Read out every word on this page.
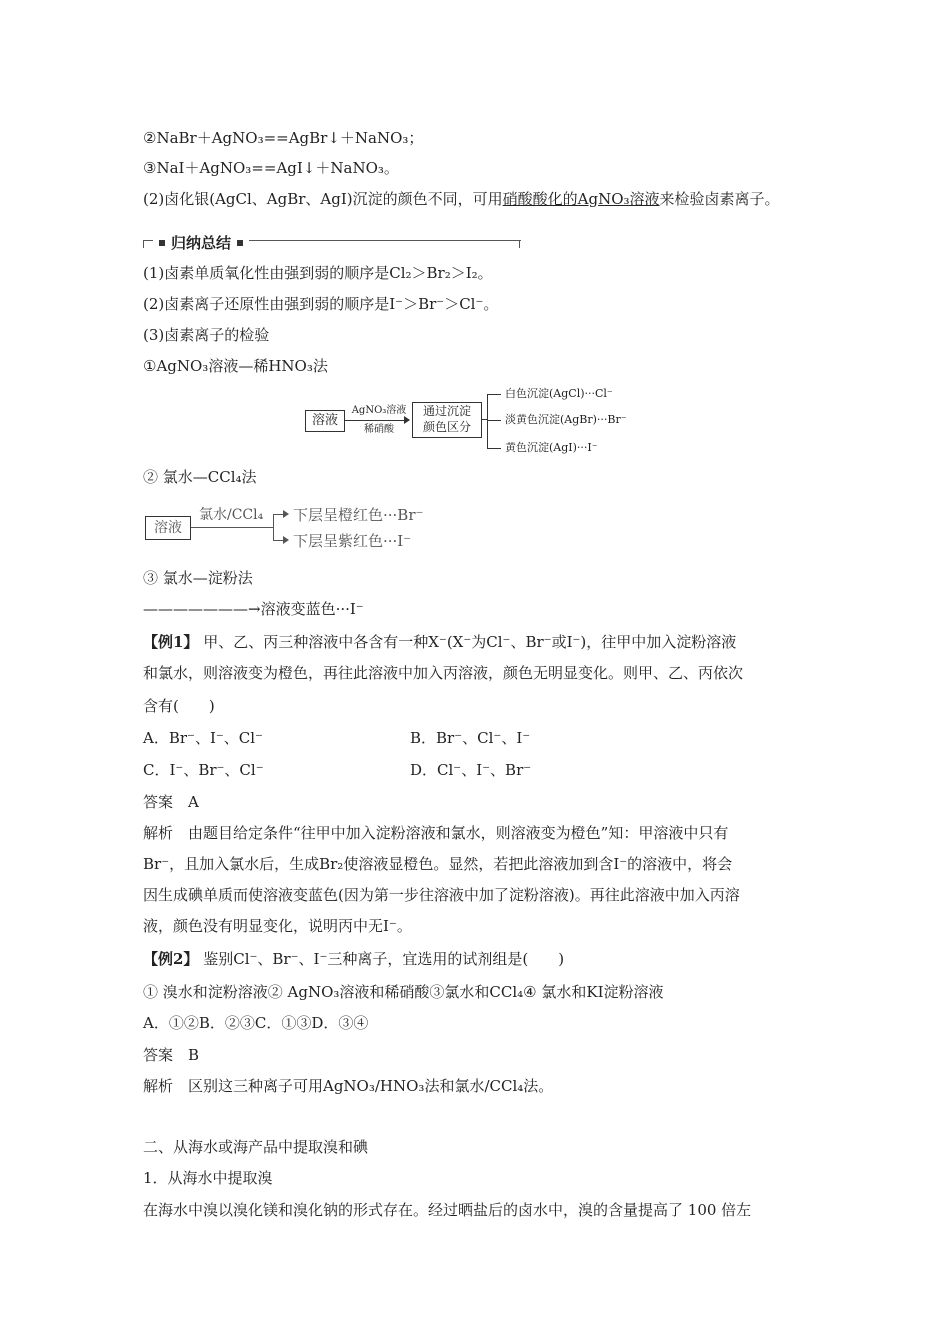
②NaBr＋AgNO₃==AgBr↓＋NaNO₃；
③NaI＋AgNO₃==AgI↓＋NaNO₃。
(2)卤化银(AgCl、AgBr、AgI)沉淀的颜色不同，可用硝酸酸化的AgNO₃溶液来检验卤素离子。
归纳总结
(1)卤素单质氧化性由强到弱的顺序是Cl₂＞Br₂＞I₂。
(2)卤素离子还原性由强到弱的顺序是I⁻＞Br⁻＞Cl⁻。
(3)卤素离子的检验
①AgNO₃溶液—稀HNO₃法
溶液
AgNO₃溶液
稀硝酸
通过沉淀
颜色区分
白色沉淀(AgCl)···Cl⁻
淡黄色沉淀(AgBr)···Br⁻
黄色沉淀(AgI)···I⁻
② 氯水—CCl₄法
溶液
氯水/CCl₄ 下层呈橙红色···Br⁻
下层呈紫红色···I⁻
③ 氯水—淀粉法
———————→溶液变蓝色···I⁻
【例1】 甲、乙、丙三种溶液中各含有一种X⁻(X⁻为Cl⁻、Br⁻或I⁻)，往甲中加入淀粉溶液
和氯水，则溶液变为橙色，再往此溶液中加入丙溶液，颜色无明显变化。则甲、乙、丙依次
含有(　　)
A．Br⁻、I⁻、Cl⁻	B．Br⁻、Cl⁻、I⁻
C．I⁻、Br⁻、Cl⁻	D．Cl⁻、I⁻、Br⁻
答案　A
解析　由题目给定条件“往甲中加入淀粉溶液和氯水，则溶液变为橙色”知：甲溶液中只有
Br⁻，且加入氯水后，生成Br₂使溶液显橙色。显然，若把此溶液加到含I⁻的溶液中，将会
因生成碘单质而使溶液变蓝色(因为第一步往溶液中加了淀粉溶液)。再往此溶液中加入丙溶
液，颜色没有明显变化，说明丙中无I⁻。
【例2】 鉴别Cl⁻、Br⁻、I⁻三种离子，宜选用的试剂组是(　　)
① 溴水和淀粉溶液② AgNO₃溶液和稀硝酸③氯水和CCl₄④ 氯水和KI淀粉溶液
A．①②B．②③C．①③D．③④
答案　B
解析　区别这三种离子可用AgNO₃/HNO₃法和氯水/CCl₄法。
二、从海水或海产品中提取溴和碘
1．从海水中提取溴
在海水中溴以溴化镁和溴化钠的形式存在。经过晒盐后的卤水中，溴的含量提高了 100 倍左
